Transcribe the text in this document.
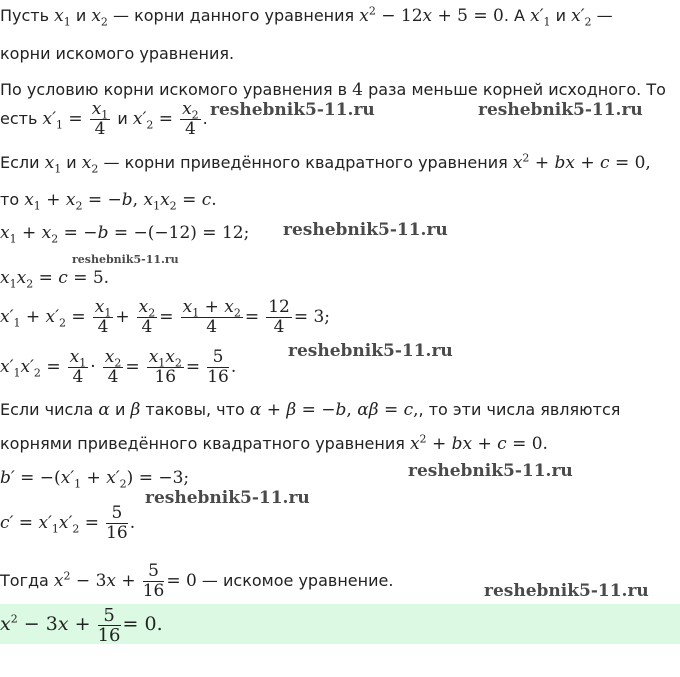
Пусть $x_1$ и $x_2$ — корни данного уравнения $x^2 - 12x + 5 = 0$. А $x'_1$ и $x'_2$ —
корни искомого уравнения.
По условию корни искомого уравнения в 4 раза меньше корней исходного. То
есть $x'_1 = \frac{x_1}{4}$ и $x'_2 = \frac{x_2}{4}$ .
Если $x_1$ и $x_2$ — корни приведённого квадратного уравнения $x^2$ + bx + c = 0,
то $x_1 + x_2 = -b$, $x_1x_2 = c$.
$x_1 + x_2 = -b = -(-12) = 12$;
$x_1x_2 = c = 5$.
$x'_1 + x'_2 = \frac{x_1}{4} + \frac{x_2}{4} = \frac{x_1 + x_2}{4} = \frac{12}{4} = 3$;
$x'_1x'_2 = \frac{x_1}{4} \cdot \frac{x_2}{4} = \frac{x_1x_2}{16} = \frac{5}{16}$ .
Если числа α и β таковы, что α + β = −b, αβ = c,, то эти числа являются
корнями приведённого квадратного уравнения $x^2$ + bx + c = 0.
$b' = -(x'_1 + x'_2) = -3$;
$c' = x'_1x'_2 = \frac{5}{16}$ .
Тогда $x^2 - 3x + \frac{5}{16} = 0$ — искомое уравнение.
$x^2 - 3x + \frac{5}{16} = 0$.
reshebnik5-11.ru	reshebnik5-11.ru
reshebnik5-11.ru
reshebnik5-11.ru
reshebnik5-11.ru
reshebnik5-11.ru
reshebnik5-11.ru
reshebnik5-11.ru
